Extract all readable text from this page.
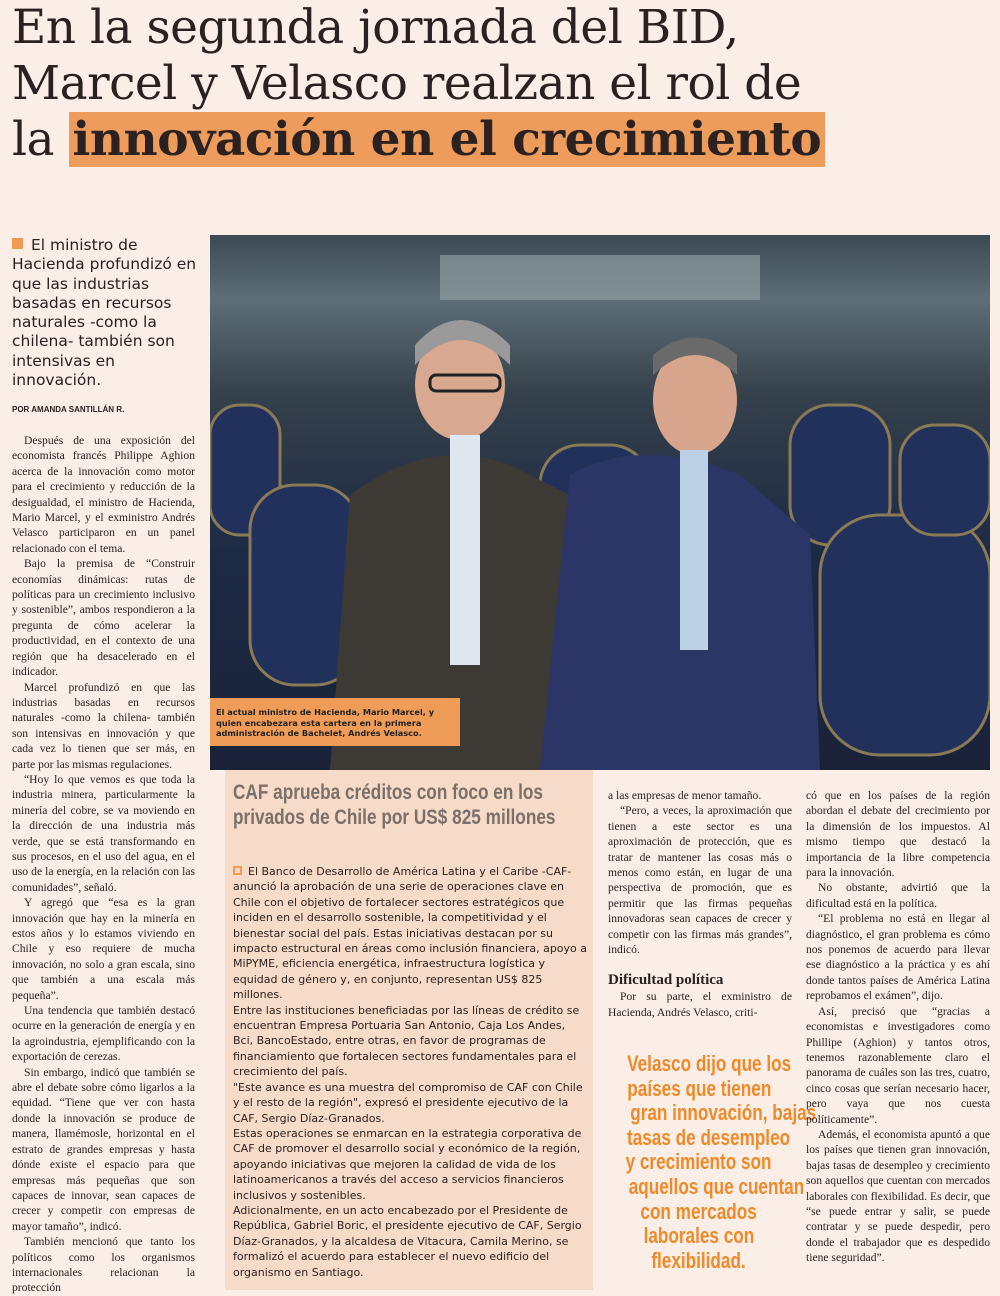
En la segunda jornada del BID,
Marcel y Velasco realzan el rol de
la innovación en el crecimiento
El ministro de Hacienda profundizó en que las industrias basadas en recursos naturales -como la chilena- también son intensivas en innovación.
POR AMANDA SANTILLÁN R.

Después de una exposición del economista francés Philippe Aghion acerca de la innovación como motor para el crecimiento y reducción de la desigualdad, el ministro de Hacienda, Mario Marcel, y el exministro Andrés Velasco participaron en un panel relacionado con el tema.

Bajo la premisa de “Construir economías dinámicas: rutas de políticas para un crecimiento inclusivo y sostenible”, ambos respondieron a la pregunta de cómo acelerar la productividad, en el contexto de una región que ha desacelerado en el indicador.

Marcel profundizó en que las industrias basadas en recursos naturales -como la chilena- también son intensivas en innovación y que cada vez lo tienen que ser más, en parte por las mismas regulaciones.

“Hoy lo que vemos es que toda la industria minera, particularmente la minería del cobre, se va moviendo en la dirección de una industria más verde, que se está transformando en sus procesos, en el uso del agua, en el uso de la energía, en la relación con las comunidades”, señaló.

Y agregó que “esa es la gran innovación que hay en la minería en estos años y lo estamos viviendo en Chile y eso requiere de mucha innovación, no solo a gran escala, sino que también a una escala más pequeña”.

Una tendencia que también destacó ocurre en la generación de energía y en la agroindustria, ejemplificando con la exportación de cerezas.

Sin embargo, indicó que también se abre el debate sobre cómo ligarlos a la equidad. “Tiene que ver con hasta donde la innovación se produce de manera, llamémosle, horizontal en el estrato de grandes empresas y hasta dónde existe el espacio para que empresas más pequeñas que son capaces de innovar, sean capaces de crecer y competir con empresas de mayor tamaño”, indicó.

También mencionó que tanto los políticos como los organismos internacionales relacionan la protección

El actual ministro de Hacienda, Mario Marcel, y quien encabezara esta cartera en la primera administración de Bachelet, Andrés Velasco.
CAF aprueba créditos con foco en los privados de Chile por US$ 825 millones
El Banco de Desarrollo de América Latina y el Caribe -CAF- anunció la aprobación de una serie de operaciones clave en Chile con el objetivo de fortalecer sectores estratégicos que inciden en el desarrollo sostenible, la competitividad y el bienestar social del país. Estas iniciativas destacan por su impacto estructural en áreas como inclusión financiera, apoyo a MiPYME, eficiencia energética, infraestructura logística y equidad de género y, en conjunto, representan US$ 825 millones.
Entre las instituciones beneficiadas por las líneas de crédito se encuentran Empresa Portuaria San Antonio, Caja Los Andes, Bci, BancoEstado, entre otras, en favor de programas de financiamiento que fortalecen sectores fundamentales para el crecimiento del país.
"Este avance es una muestra del compromiso de CAF con Chile y el resto de la región", expresó el presidente ejecutivo de la CAF, Sergio Díaz-Granados.
Estas operaciones se enmarcan en la estrategia corporativa de CAF de promover el desarrollo social y económico de la región, apoyando iniciativas que mejoren la calidad de vida de los latinoamericanos a través del acceso a servicios financieros inclusivos y sostenibles.
Adicionalmente, en un acto encabezado por el Presidente de República, Gabriel Boric, el presidente ejecutivo de CAF, Sergio Díaz-Granados, y la alcaldesa de Vitacura, Camila Merino, se formalizó el acuerdo para establecer el nuevo edificio del organismo en Santiago.

a las empresas de menor tamaño.

“Pero, a veces, la aproximación que tienen a este sector es una aproximación de protección, que es tratar de mantener las cosas más o menos como están, en lugar de una perspectiva de promoción, que es permitir que las firmas pequeñas innovadoras sean capaces de crecer y competir con las firmas más grandes”, indicó.

Dificultad política

Por su parte, el exministro de Hacienda, Andrés Velasco, criti-

Velasco dijo que los
países que tienen
gran innovación, bajas
tasas de desempleo
y crecimiento son
aquellos que cuentan
con mercados
laborales con
flexibilidad.

có que en los países de la región abordan el debate del crecimiento por la dimensión de los impuestos. Al mismo tiempo que destacó la importancia de la libre competencia para la innovación.

No obstante, advirtió que la dificultad está en la política.

“El problema no está en llegar al diagnóstico, el gran problema es cómo nos ponemos de acuerdo para llevar ese diagnóstico a la práctica y es ahí donde tantos países de América Latina reprobamos el exámen”, dijo.

Así, precisó que “gracias a economistas e investigadores como Phillipe (Aghion) y tantos otros, tenemos razonablemente claro el panorama de cuáles son las tres, cuatro, cinco cosas que serían necesario hacer, pero vaya que nos cuesta políticamente”.

Además, el economista apuntó a que los países que tienen gran innovación, bajas tasas de desempleo y crecimiento son aquellos que cuentan con mercados laborales con flexibilidad. Es decir, que “se puede entrar y salir, se puede contratar y se puede despedir, pero donde el trabajador que es despedido tiene seguridad”.
